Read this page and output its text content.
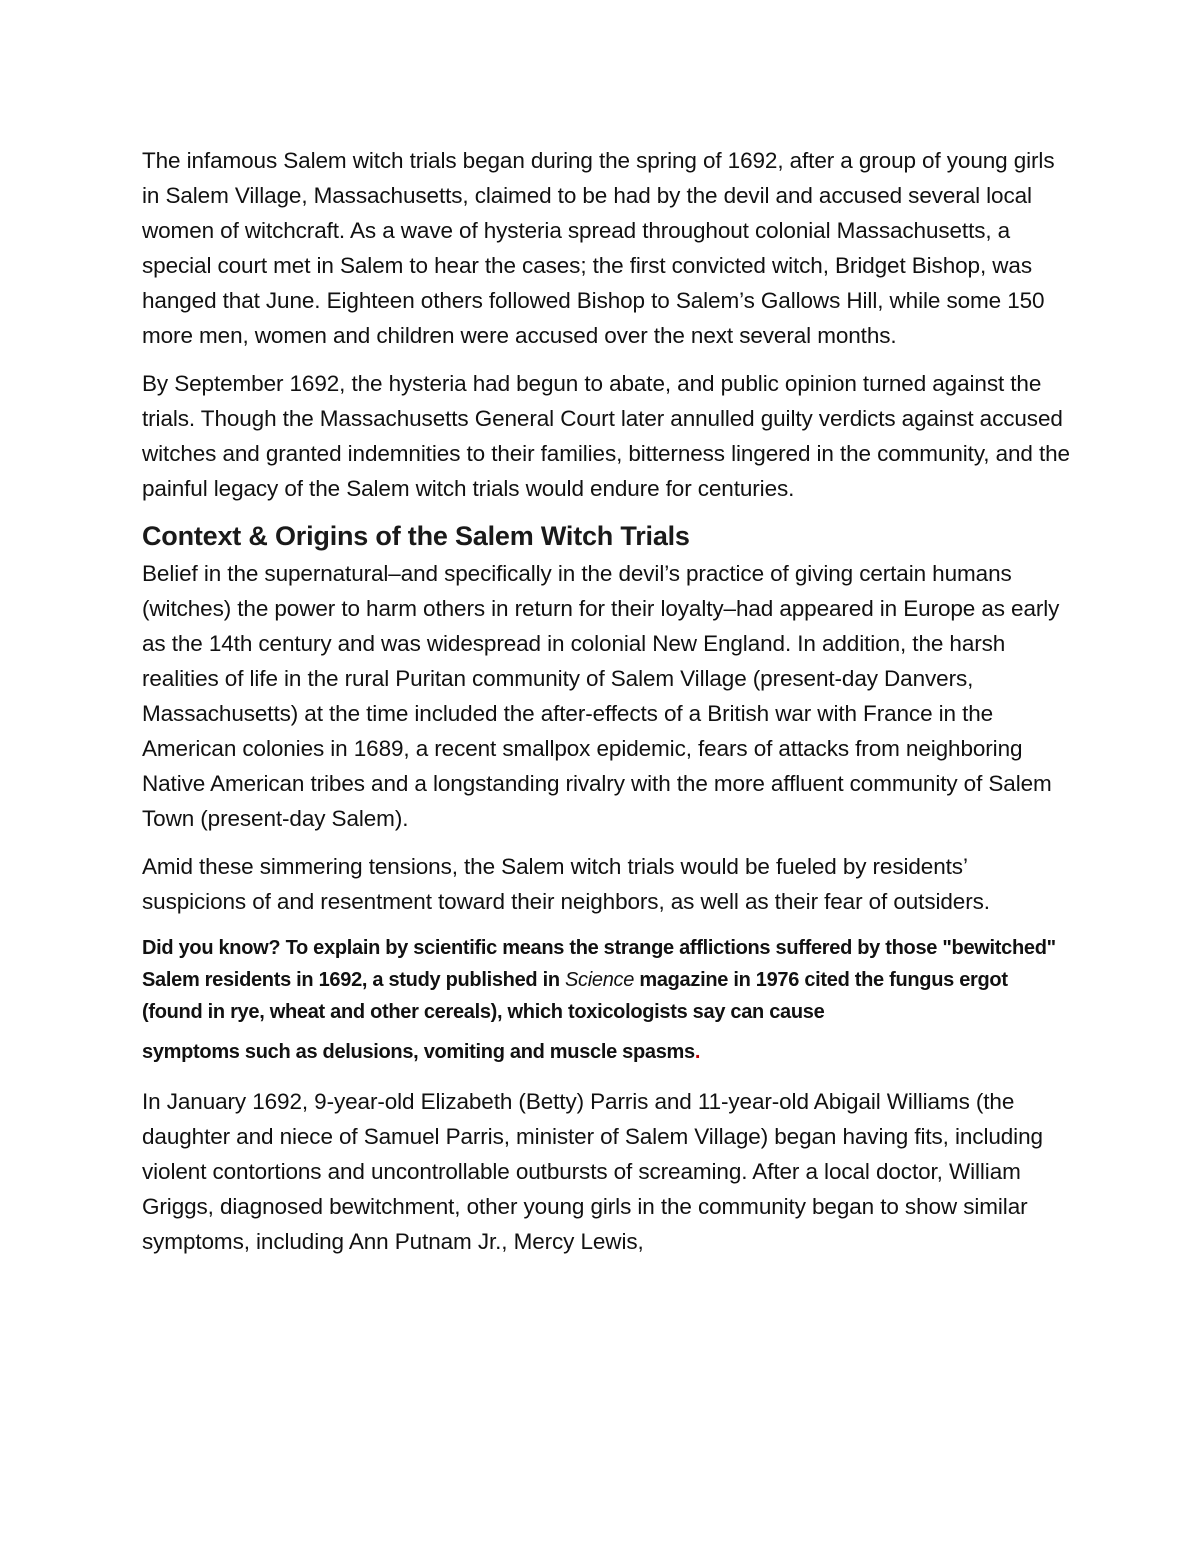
The infamous Salem witch trials began during the spring of 1692, after a group of young girls in Salem Village, Massachusetts, claimed to be had by the devil and accused several local women of witchcraft. As a wave of hysteria spread throughout colonial Massachusetts, a special court met in Salem to hear the cases; the first convicted witch, Bridget Bishop, was hanged that June. Eighteen others followed Bishop to Salem’s Gallows Hill, while some 150 more men, women and children were accused over the next several months.

By September 1692, the hysteria had begun to abate, and public opinion turned against the trials. Though the Massachusetts General Court later annulled guilty verdicts against accused witches and granted indemnities to their families, bitterness lingered in the community, and the painful legacy of the Salem witch trials would endure for centuries.

Context & Origins of the Salem Witch Trials

Belief in the supernatural–and specifically in the devil’s practice of giving certain humans (witches) the power to harm others in return for their loyalty–had appeared in Europe as early as the 14th century and was widespread in colonial New England. In addition, the harsh realities of life in the rural Puritan community of Salem Village (present-day Danvers, Massachusetts) at the time included the after-effects of a British war with France in the American colonies in 1689, a recent smallpox epidemic, fears of attacks from neighboring Native American tribes and a longstanding rivalry with the more affluent community of Salem Town (present-day Salem).

Amid these simmering tensions, the Salem witch trials would be fueled by residents’ suspicions of and resentment toward their neighbors, as well as their fear of outsiders.

Did you know? To explain by scientific means the strange afflictions suffered by those "bewitched" Salem residents in 1692, a study published in Science magazine in 1976 cited the fungus ergot (found in rye, wheat and other cereals), which toxicologists say can cause
symptoms such as delusions, vomiting and muscle spasms.

In January 1692, 9-year-old Elizabeth (Betty) Parris and 11-year-old Abigail Williams (the daughter and niece of Samuel Parris, minister of Salem Village) began having fits, including violent contortions and uncontrollable outbursts of screaming. After a local doctor, William Griggs, diagnosed bewitchment, other young girls in the community began to show similar symptoms, including Ann Putnam Jr., Mercy Lewis,
